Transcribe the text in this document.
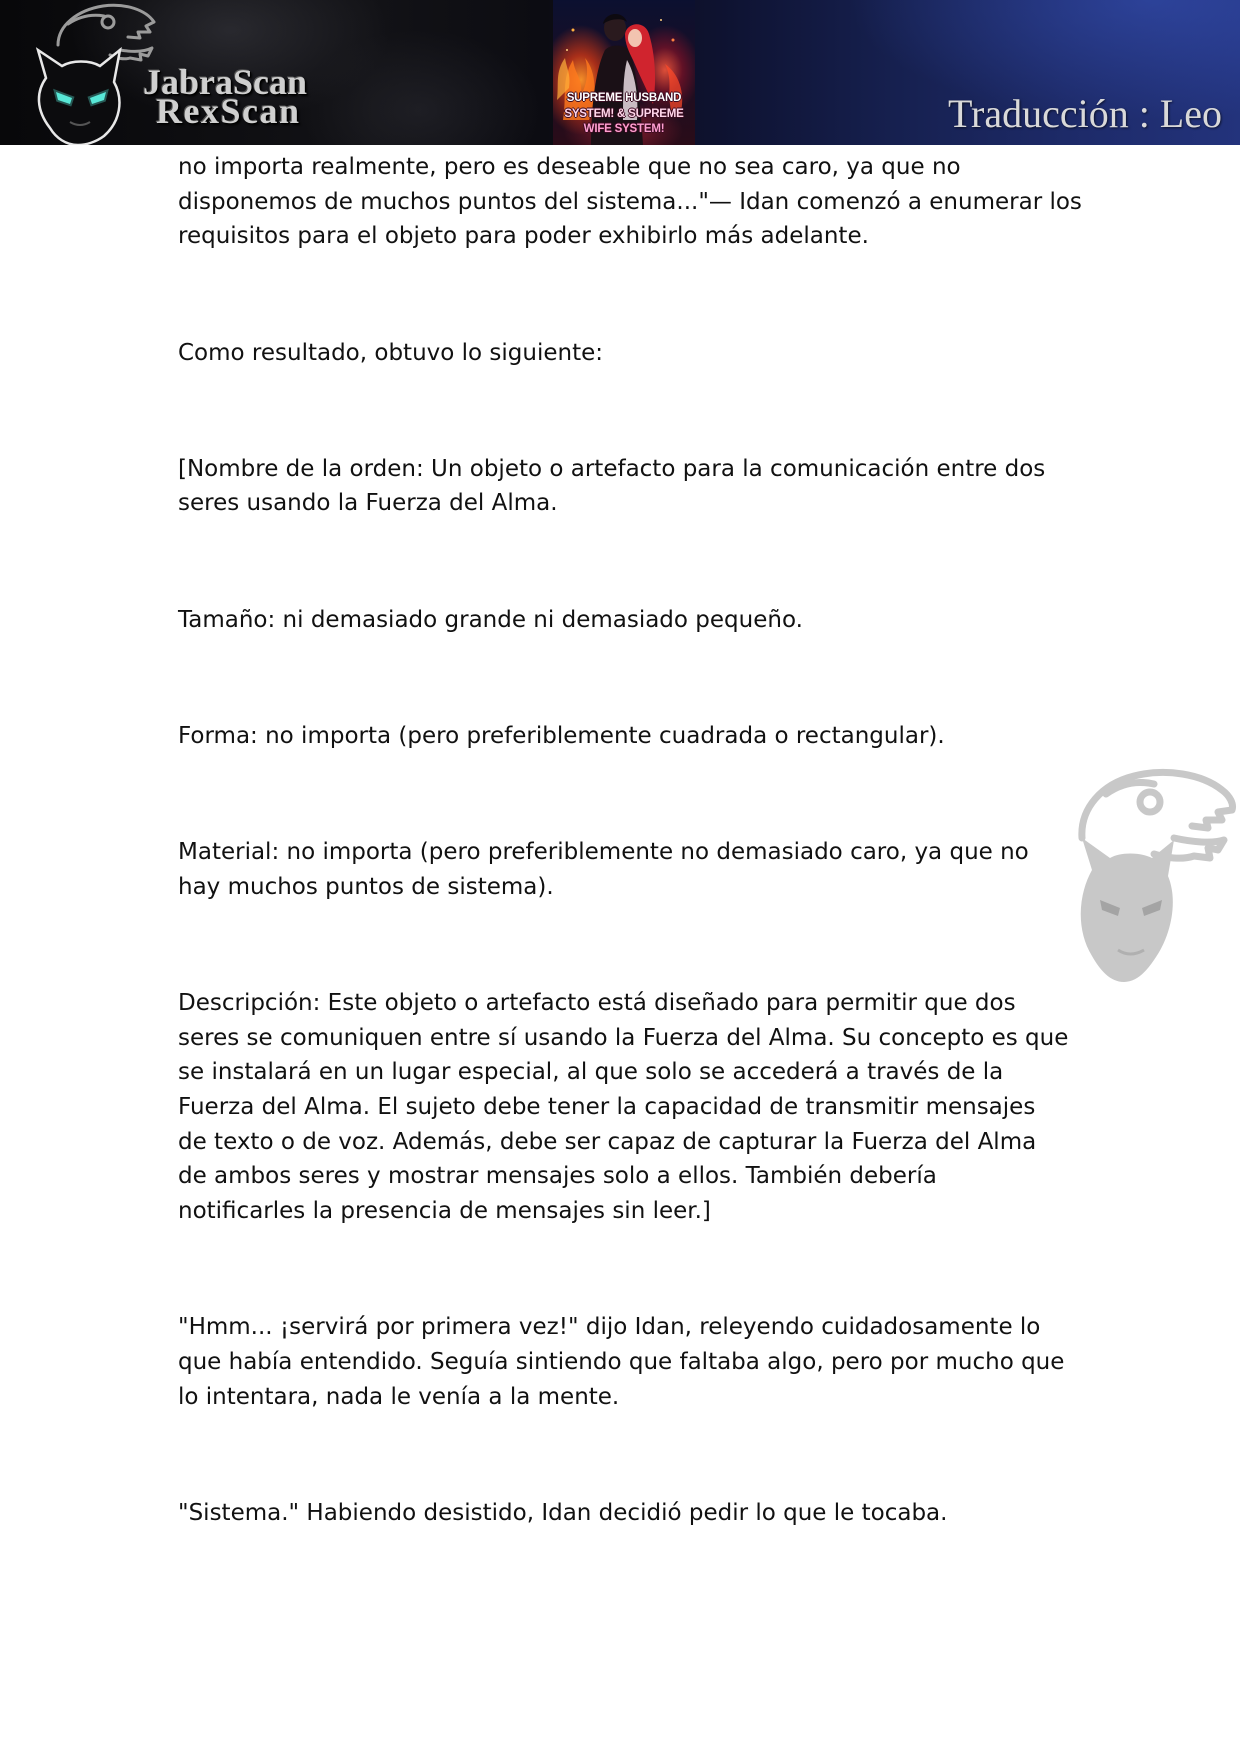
JabraScan
RexScan	SUPREME HUSBAND
SYSTEM! & SUPREME
WIFE SYSTEM!	Traducción : Leo
no importa realmente, pero es deseable que no sea caro, ya que no
disponemos de muchos puntos del sistema..."— Idan comenzó a enumerar los
requisitos para el objeto para poder exhibirlo más adelante.
Como resultado, obtuvo lo siguiente:
[Nombre de la orden: Un objeto o artefacto para la comunicación entre dos
seres usando la Fuerza del Alma.
Tamaño: ni demasiado grande ni demasiado pequeño.
Forma: no importa (pero preferiblemente cuadrada o rectangular).
Material: no importa (pero preferiblemente no demasiado caro, ya que no
hay muchos puntos de sistema).
Descripción: Este objeto o artefacto está diseñado para permitir que dos
seres se comuniquen entre sí usando la Fuerza del Alma. Su concepto es que
se instalará en un lugar especial, al que solo se accederá a través de la
Fuerza del Alma. El sujeto debe tener la capacidad de transmitir mensajes
de texto o de voz. Además, debe ser capaz de capturar la Fuerza del Alma
de ambos seres y mostrar mensajes solo a ellos. También debería
notificarles la presencia de mensajes sin leer.]
"Hmm... ¡servirá por primera vez!" dijo Idan, releyendo cuidadosamente lo
que había entendido. Seguía sintiendo que faltaba algo, pero por mucho que
lo intentara, nada le venía a la mente.
"Sistema." Habiendo desistido, Idan decidió pedir lo que le tocaba.
